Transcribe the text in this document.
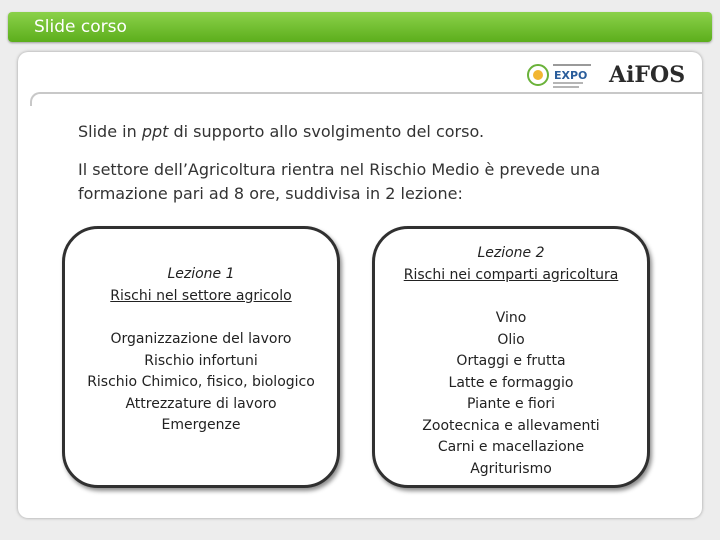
Slide corso
EXPO AiFOS

Slide in ppt di supporto allo svolgimento del corso.

Il settore dell’Agricoltura rientra nel Rischio Medio è prevede una formazione pari ad 8 ore, suddivisa in 2 lezione:

Lezione 1
Rischi nel settore agricolo
Organizzazione del lavoro
Rischio infortuni
Rischio Chimico, fisico, biologico
Attrezzature di lavoro
Emergenze
Lezione 2
Rischi nei comparti agricoltura
Vino
Olio
Ortaggi e frutta
Latte e formaggio
Piante e fiori
Zootecnica e allevamenti
Carni e macellazione
Agriturismo
